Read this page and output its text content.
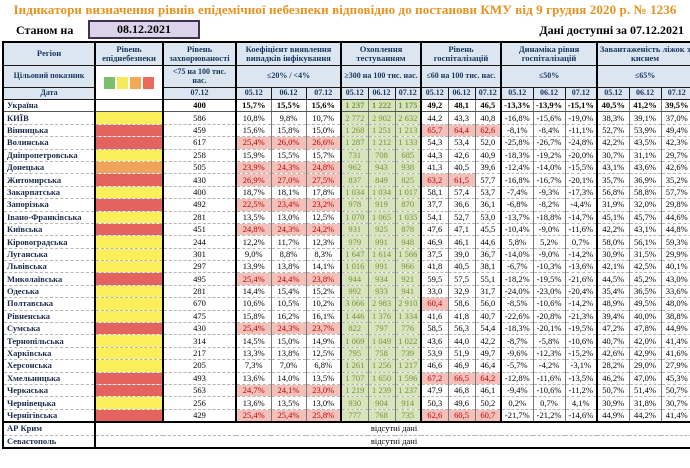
Індикатори визначення рівнів епідемічної небезпеки відповідно до постанови КМУ від 9 грудня 2020 р. № 1236
Станом на	08.12.2021	Дані доступні за 07.12.2021
Регіон	Рівень епіднебезпеки	Рівень захворюваності	Коефіцієнт виявлення випадків інфікування			Охоплення тестуванням			Рівень госпіталізацій			Динаміка рівня госпіталізацій			Завантаженість ліжок з киснем		
Цільовий показник		<75 на 100 тис. нас.	≤20% / <4%			≥300 на 100 тис. нас.			≤60 на 100 тис. нас.			≤50%			≤65%		
Дата		07.12	05.12	06.12	07.12	05.12	06.12	07.12	05.12	06.12	07.12	05.12	06.12	07.12	05.12	06.12	07.12
Україна		400	15,7%	15,5%	15,6%	1 237	1 222	1 175	49,2	48,1	46,5	-13,3%	-13,9%	-15,1%	40,5%	41,2%	39,5%
КИЇВ		586	10,8%	9,8%	10,7%	2 772	2 902	2 632	44,2	43,3	40,8	-16,8%	-15,6%	-19,0%	38,3%	39,1%	37,0%
Вінницька		459	15,6%	15,8%	15,0%	1 268	1 251	1 213	65,7	64,4	62,6	-8,1%	-8,4%	-11,1%	52,7%	53,9%	49,4%
Волинська		617	25,4%	26,0%	26,6%	1 287	1 212	1 133	54,3	53,4	52,0	-25,8%	-26,7%	-24,8%	42,2%	43,5%	42,3%
Дніпропетровська		258	15,9%	15,5%	15,7%	731	708	685	44,3	42,6	40,9	-18,3%	-19,2%	-20,0%	30,7%	31,1%	29,7%
Донецька		505	23,9%	24,3%	24,8%	962	943	938	41,3	40,5	39,6	-12,4%	-14,0%	-15,5%	43,1%	43,6%	42,6%
Житомирська		430	26,9%	27,0%	27,5%	837	849	825	63,2	61,5	57,7	-16,8%	-16,7%	-20,1%	35,7%	36,9%	35,2%
Закарпатська		400	18,7%	18,1%	17,8%	1 034	1 034	1 017	58,1	57,4	53,7	-7,4%	-9,3%	-17,3%	56,8%	58,8%	57,7%
Запорізька		492	22,5%	23,4%	23,2%	978	919	870	37,7	36,6	36,1	-6,8%	-8,2%	-4,4%	31,9%	32,0%	29,8%
Івано-Франківська		281	13,5%	13,0%	12,5%	1 070	1 065	1 035	54,1	52,7	53,0	-13,7%	-18,8%	-14,7%	45,1%	45,7%	44,6%
Київська		451	24,8%	24,3%	24,2%	931	925	878	47,6	47,1	45,5	-10,4%	-9,0%	-11,6%	42,2%	43,1%	44,8%
Кіровоградська		244	12,2%	11,7%	12,3%	979	991	948	46,9	46,1	44,6	5,8%	5,2%	0,7%	58,0%	56,1%	59,3%
Луганська		301	9,0%	8,8%	8,3%	1 647	1 614	1 566	37,5	39,0	36,7	-14,0%	-9,0%	-14,2%	30,9%	31,5%	29,9%
Львівська		297	13,9%	13,8%	14,1%	1 016	991	966	41,8	40,5	38,1	-6,7%	-10,3%	-13,6%	42,1%	42,5%	40,1%
Миколаївська		495	25,4%	24,4%	23,8%	944	934	921	59,5	57,5	55,1	-18,2%	-19,5%	-21,6%	44,5%	45,2%	43,0%
Одеська		281	14,4%	15,4%	15,2%	992	933	941	33,0	32,9	31,7	-24,0%	-23,0%	-20,4%	35,4%	36,5%	33,6%
Полтавська		670	10,6%	10,5%	10,2%	3 066	2 983	2 910	60,4	58,6	56,0	-8,5%	-10,6%	-14,2%	48,9%	49,5%	48,0%
Рівненська		475	15,8%	16,2%	16,1%	1 446	1 376	1 334	41,6	41,8	40,7	-22,6%	-20,8%	-21,3%	39,4%	40,0%	38,8%
Сумська		430	25,4%	24,3%	23,7%	822	797	776	58,5	56,3	54,4	-18,3%	-20,1%	-19,5%	47,2%	47,8%	44,9%
Тернопільська		314	14,5%	15,0%	14,9%	1 069	1 049	1 022	43,6	44,0	42,2	-8,7%	-5,8%	-10,6%	40,7%	42,0%	41,4%
Харківська		217	13,3%	13,8%	12,5%	795	758	739	53,9	51,9	49,7	-9,6%	-12,3%	-15,2%	42,6%	42,9%	41,6%
Херсонська		205	7,3%	7,0%	6,8%	1 261	1 256	1 217	46,6	46,9	46,4	-5,7%	-4,2%	-3,1%	28,2%	29,0%	27,9%
Хмельницька		493	13,6%	14,0%	13,5%	1 707	1 650	1 596	67,2	66,5	64,2	-12,8%	-11,6%	-13,5%	46,2%	47,0%	45,3%
Черкаська		563	24,7%	24,1%	23,0%	1 219	1 239	1 237	47,9	46,8	46,1	-9,4%	-10,6%	-11,2%	50,7%	51,4%	50,7%
Чернівецька		256	13,6%	13,5%	13,0%	930	904	914	50,3	49,6	50,2	0,2%	0,7%	4,1%	30,9%	31,8%	30,7%
Чернігівська		429	25,4%	25,4%	25,8%	777	768	735	62,6	60,5	60,7	-21,7%	-21,2%	-14,6%	44,9%	44,2%	41,4%
АР Крим	відсутні дані																
Севастополь	відсутні дані																
